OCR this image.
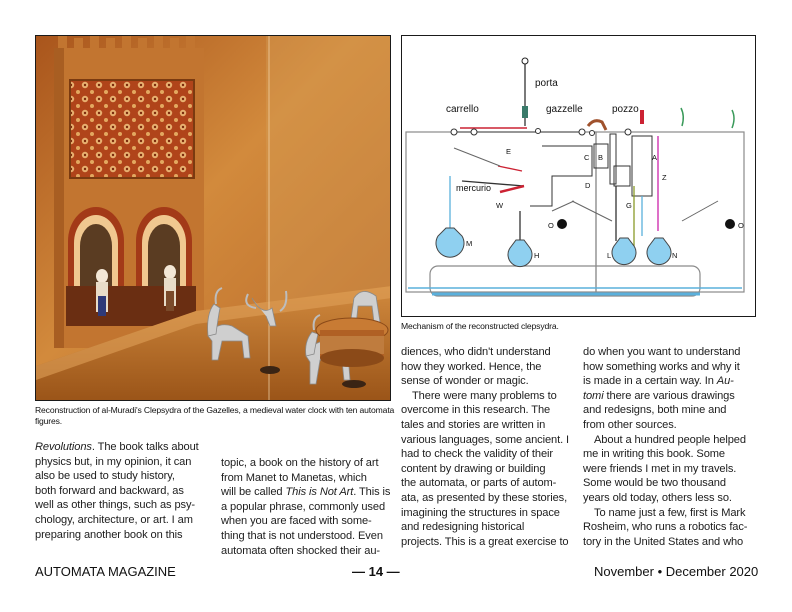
Reconstruction of al-Muradi's Clepsydra of the Gazelles, a medieval water clock with ten automata figures.
porta
carrello	gazzelle	pozzo
E
C B	A
mercurio	D
Z
W	G
O	O
M
H	L	N
Mechanism of the reconstructed clepsydra.

Revolutions. The book talks about

physics but, in my opinion, it can

also be used to study history,

both forward and backward, as

well as other things, such as psy-

chology, architecture, or art. I am

preparing another book on this

topic, a book on the history of art

from Manet to Manetas, which

will be called This is Not Art. This is

a popular phrase, commonly used

when you are faced with some-

thing that is not understood. Even

automata often shocked their au-

diences, who didn't understand

how they worked. Hence, the

sense of wonder or magic.

There were many problems to

overcome in this research. The

tales and stories are written in

various languages, some ancient. I

had to check the validity of their

content by drawing or building

the automata, or parts of autom-

ata, as presented by these stories,

imagining the structures in space

and redesigning historical

projects. This is a great exercise to

do when you want to understand

how something works and why it

is made in a certain way. In Au-

tomi there are various drawings

and redesigns, both mine and

from other sources.

About a hundred people helped

me in writing this book. Some

were friends I met in my travels.

Some would be two thousand

years old today, others less so.

To name just a few, first is Mark

Rosheim, who runs a robotics fac-

tory in the United States and who

AUTOMATA MAGAZINE	— 14 —	November • December 2020
